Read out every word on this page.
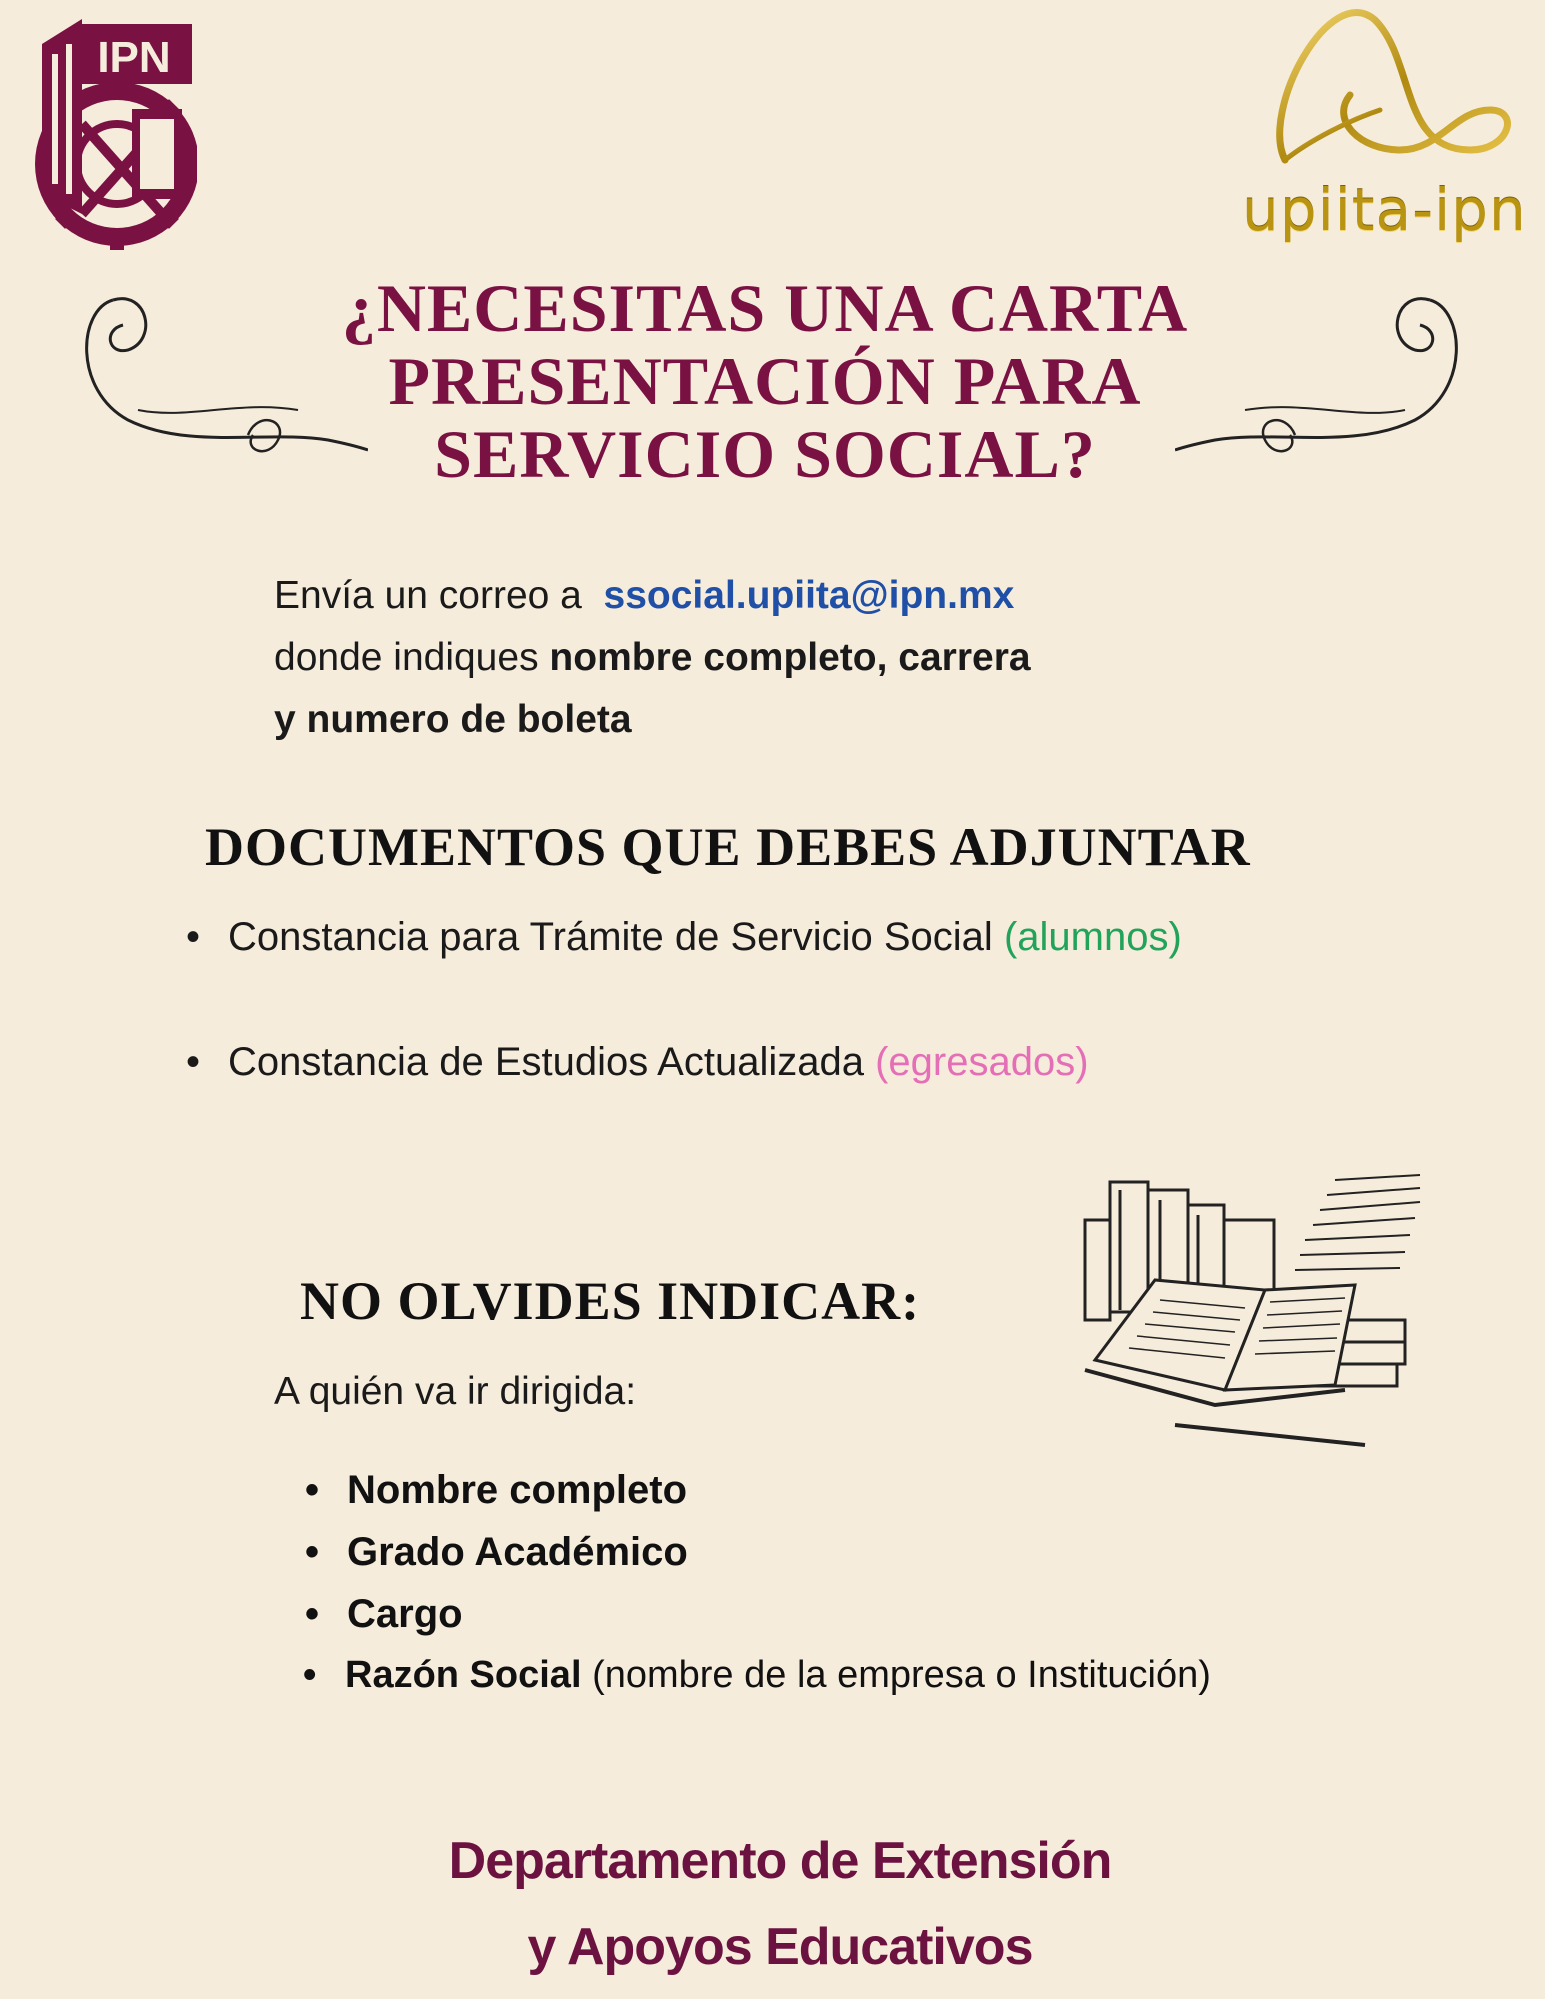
IPN
upiita-ipn
¿NECESITAS UNA CARTA
PRESENTACIÓN PARA
SERVICIO SOCIAL?
Envía un correo a ssocial.upiita@ipn.mx
donde indiques nombre completo, carrera
y numero de boleta
DOCUMENTOS QUE DEBES ADJUNTAR
• Constancia para Trámite de Servicio Social (alumnos)
• Constancia de Estudios Actualizada (egresados)
NO OLVIDES INDICAR:
A quién va ir dirigida:
• Nombre completo
• Grado Académico
• Cargo
• Razón Social (nombre de la empresa o Institución)
Departamento de Extensión
y Apoyos Educativos
